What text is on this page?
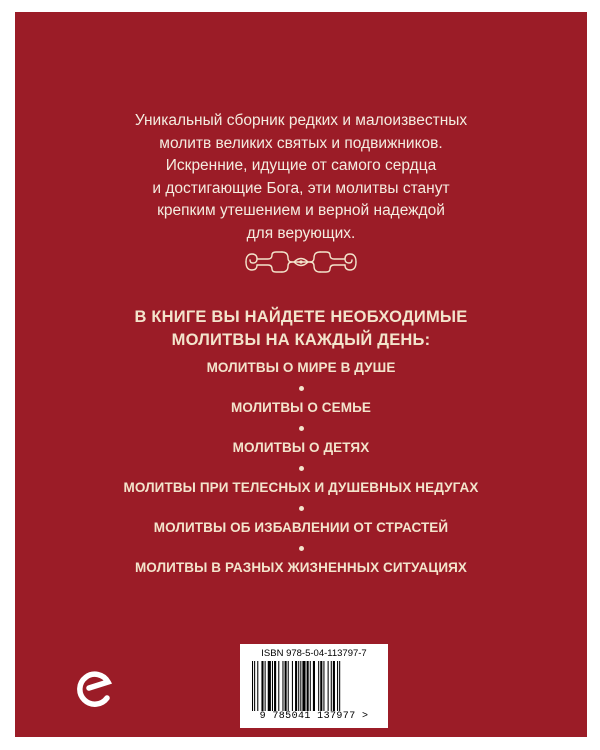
Уникальный сборник редких и малоизвестных
молитв великих святых и подвижников.
Искренние, идущие от самого сердца
и достигающие Бога, эти молитвы станут
крепким утешением и верной надеждой
для верующих.
В КНИГЕ ВЫ НАЙДЕТЕ НЕОБХОДИМЫЕ
МОЛИТВЫ НА КАЖДЫЙ ДЕНЬ:
МОЛИТВЫ О МИРЕ В ДУШЕ
МОЛИТВЫ О СЕМЬЕ
МОЛИТВЫ О ДЕТЯХ
МОЛИТВЫ ПРИ ТЕЛЕСНЫХ И ДУШЕВНЫХ НЕДУГАХ
МОЛИТВЫ ОБ ИЗБАВЛЕНИИ ОТ СТРАСТЕЙ
МОЛИТВЫ В РАЗНЫХ ЖИЗНЕННЫХ СИТУАЦИЯХ
ISBN 978-5-04-113797-7
9 785041 137977 >
